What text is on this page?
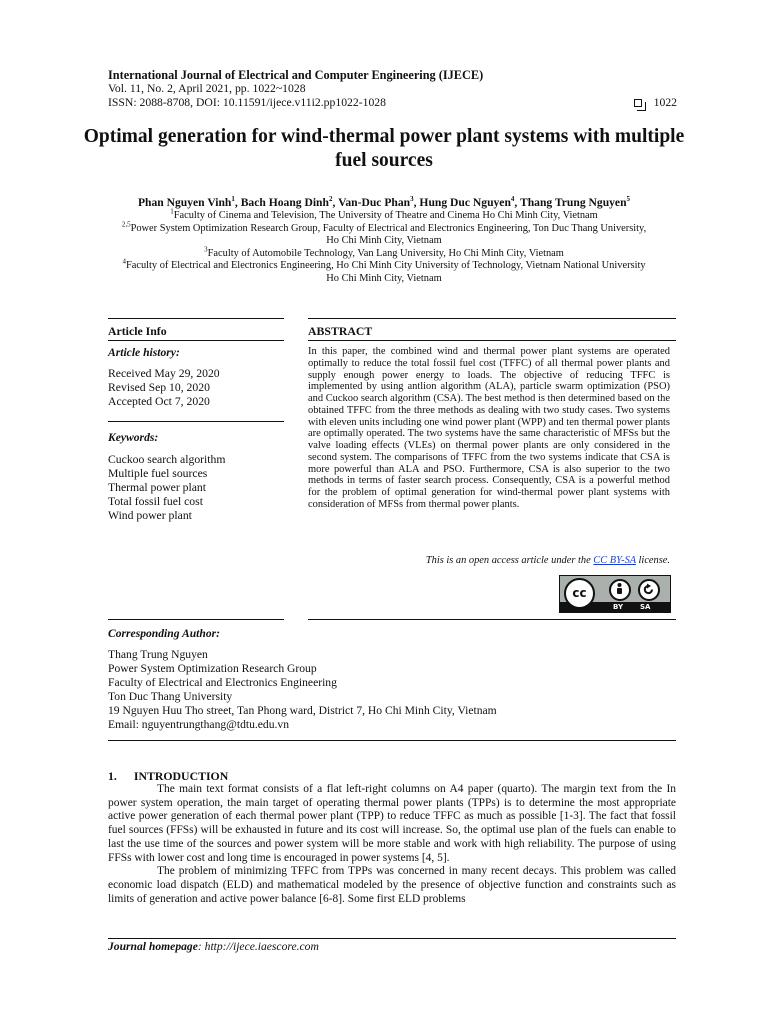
International Journal of Electrical and Computer Engineering (IJECE)
Vol. 11, No. 2, April 2021, pp. 1022~1028
ISSN: 2088-8708, DOI: 10.11591/ijece.v11i2.pp1022-1028	1022
Optimal generation for wind-thermal power plant systems with multiple fuel sources
Phan Nguyen Vinh$^1$, Bach Hoang Dinh$^2$, Van-Duc Phan$^3$, Hung Duc Nguyen$^4$, Thang Trung Nguyen$^5$

$^1$Faculty of Cinema and Television, The University of Theatre and Cinema Ho Chi Minh City, Vietnam

$^{2,5}$Power System Optimization Research Group, Faculty of Electrical and Electronics Engineering, Ton Duc Thang University, Ho Chi Minh City, Vietnam

$^3$Faculty of Automobile Technology, Van Lang University, Ho Chi Minh City, Vietnam

$^4$Faculty of Electrical and Electronics Engineering, Ho Chi Minh City University of Technology, Vietnam National University Ho Chi Minh City, Vietnam

Article Info
Article history:
Received May 29, 2020
Revised Sep 10, 2020
Accepted Oct 7, 2020
Keywords:
Cuckoo search algorithm
Multiple fuel sources
Thermal power plant
Total fossil fuel cost
Wind power plant
ABSTRACT
In this paper, the combined wind and thermal power plant systems are operated optimally to reduce the total fossil fuel cost (TFFC) of all thermal power plants and supply enough power energy to loads. The objective of reducing TFFC is implemented by using antlion algorithm (ALA), particle swarm optimization (PSO) and Cuckoo search algorithm (CSA). The best method is then determined based on the obtained TFFC from the three methods as dealing with two study cases. Two systems with eleven units including one wind power plant (WPP) and ten thermal power plants are optimally operated. The two systems have the same characteristic of MFSs but the valve loading effects (VLEs) on thermal power plants are only considered in the second system. The comparisons of TFFC from the two systems indicate that CSA is more powerful than ALA and PSO. Furthermore, CSA is also superior to the two methods in terms of faster search process. Consequently, CSA is a powerful method for the problem of optimal generation for wind-thermal power plant systems with consideration of MFSs from thermal power plants.
This is an open access article under the CC BY-SA license.
cc
BY SA
Corresponding Author:
Thang Trung Nguyen
Power System Optimization Research Group
Faculty of Electrical and Electronics Engineering
Ton Duc Thang University
19 Nguyen Huu Tho street, Tan Phong ward, District 7, Ho Chi Minh City, Vietnam
Email: nguyentrungthang@tdtu.edu.vn
1. INTRODUCTION

The main text format consists of a flat left-right columns on A4 paper (quarto). The margin text from the In power system operation, the main target of operating thermal power plants (TPPs) is to determine the most appropriate active power generation of each thermal power plant (TPP) to reduce TFFC as much as possible [1-3]. The fact that fossil fuel sources (FFSs) will be exhausted in future and its cost will increase. So, the optimal use plan of the fuels can enable to last the use time of the sources and power system will be more stable and work with high reliability. The purpose of using FFSs with lower cost and long time is encouraged in power systems [4, 5].

The problem of minimizing TFFC from TPPs was concerned in many recent decays. This problem was called economic load dispatch (ELD) and mathematical modeled by the presence of objective function and constraints such as limits of generation and active power balance [6-8]. Some first ELD problems

Journal homepage: http://ijece.iaescore.com
